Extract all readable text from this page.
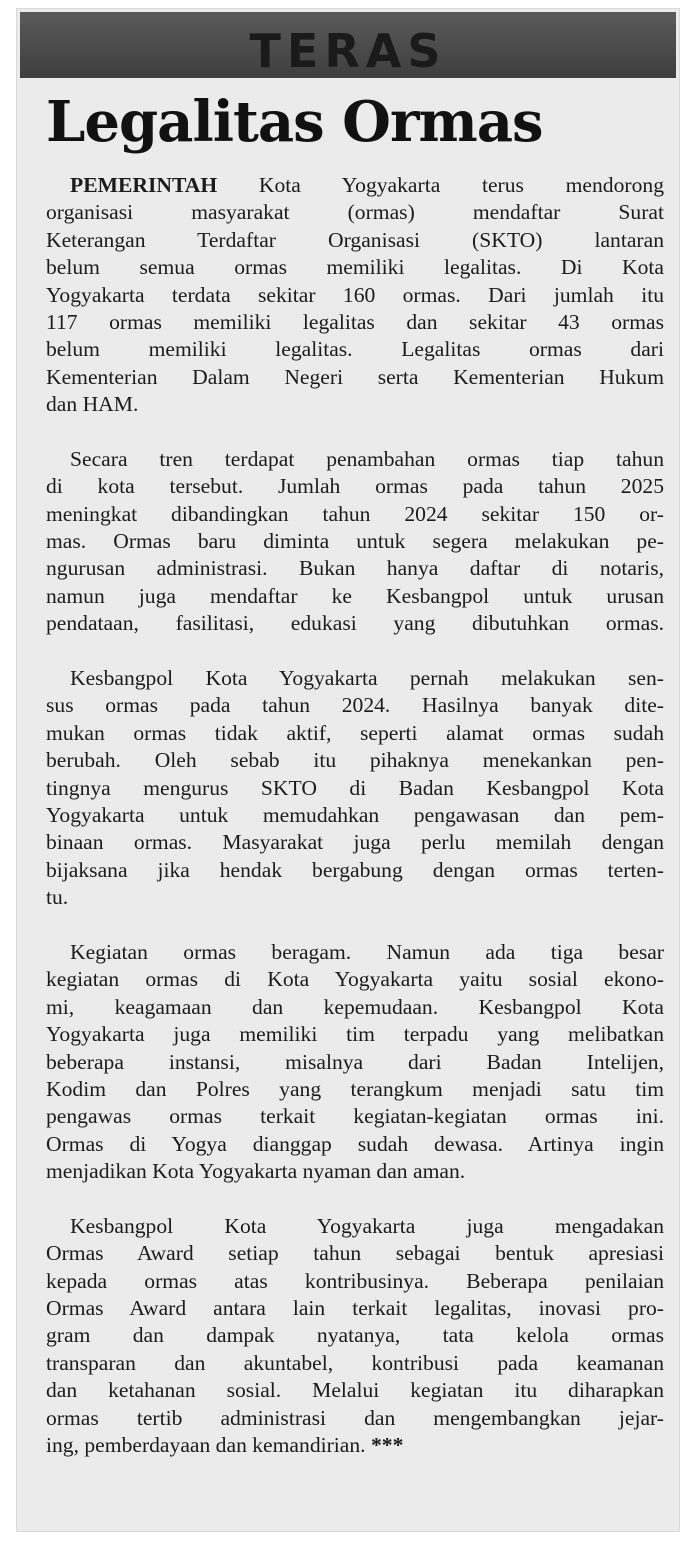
TERAS
Legalitas Ormas
PEMERINTAH Kota Yogyakarta terus mendorong
organisasi masyarakat (ormas) mendaftar Surat
Keterangan Terdaftar Organisasi (SKTO) lantaran
belum semua ormas memiliki legalitas. Di Kota
Yogyakarta terdata sekitar 160 ormas. Dari jumlah itu
117 ormas memiliki legalitas dan sekitar 43 ormas
belum memiliki legalitas. Legalitas ormas dari
Kementerian Dalam Negeri serta Kementerian Hukum
dan HAM.
Secara tren terdapat penambahan ormas tiap tahun
di kota tersebut. Jumlah ormas pada tahun 2025
meningkat dibandingkan tahun 2024 sekitar 150 or-
mas. Ormas baru diminta untuk segera melakukan pe-
ngurusan administrasi. Bukan hanya daftar di notaris,
namun juga mendaftar ke Kesbangpol untuk urusan
pendataan, fasilitasi, edukasi yang dibutuhkan ormas.
Kesbangpol Kota Yogyakarta pernah melakukan sen-
sus ormas pada tahun 2024. Hasilnya banyak dite-
mukan ormas tidak aktif, seperti alamat ormas sudah
berubah. Oleh sebab itu pihaknya menekankan pen-
tingnya mengurus SKTO di Badan Kesbangpol Kota
Yogyakarta untuk memudahkan pengawasan dan pem-
binaan ormas. Masyarakat juga perlu memilah dengan
bijaksana jika hendak bergabung dengan ormas terten-
tu.
Kegiatan ormas beragam. Namun ada tiga besar
kegiatan ormas di Kota Yogyakarta yaitu sosial ekono-
mi, keagamaan dan kepemudaan. Kesbangpol Kota
Yogyakarta juga memiliki tim terpadu yang melibatkan
beberapa instansi, misalnya dari Badan Intelijen,
Kodim dan Polres yang terangkum menjadi satu tim
pengawas ormas terkait kegiatan-kegiatan ormas ini.
Ormas di Yogya dianggap sudah dewasa. Artinya ingin
menjadikan Kota Yogyakarta nyaman dan aman.
Kesbangpol Kota Yogyakarta juga mengadakan
Ormas Award setiap tahun sebagai bentuk apresiasi
kepada ormas atas kontribusinya. Beberapa penilaian
Ormas Award antara lain terkait legalitas, inovasi pro-
gram dan dampak nyatanya, tata kelola ormas
transparan dan akuntabel, kontribusi pada keamanan
dan ketahanan sosial. Melalui kegiatan itu diharapkan
ormas tertib administrasi dan mengembangkan jejar-
ing, pemberdayaan dan kemandirian. ***
